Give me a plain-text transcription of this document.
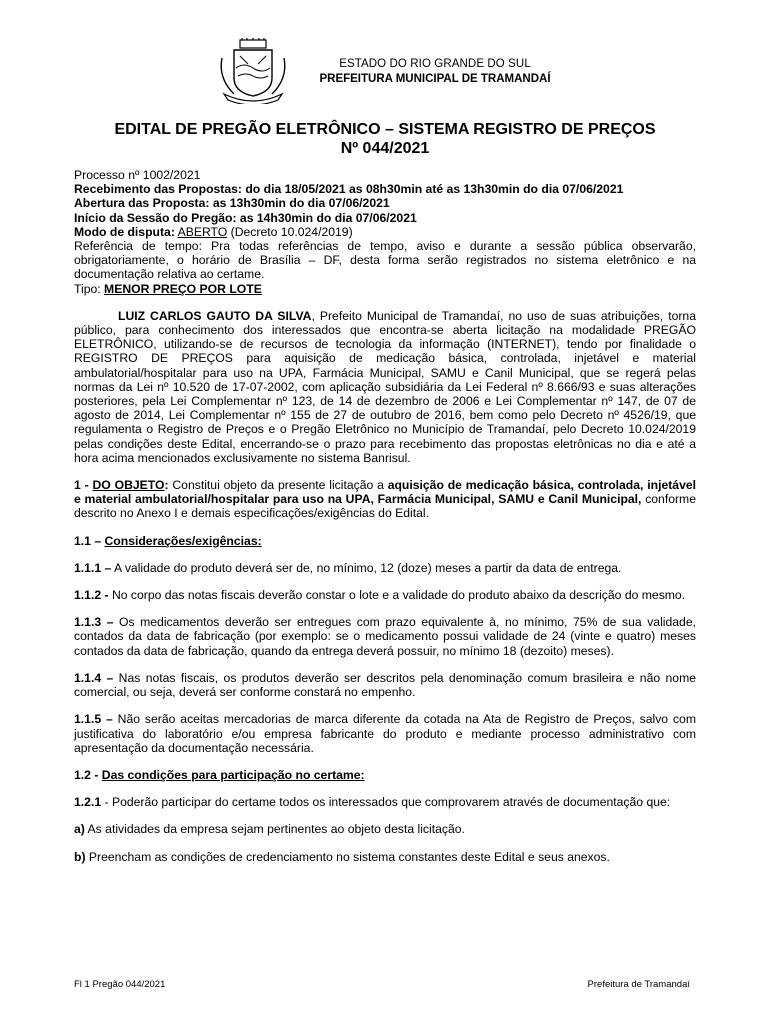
ESTADO DO RIO GRANDE DO SUL
PREFEITURA MUNICIPAL DE TRAMANDAÍ
EDITAL DE PREGÃO ELETRÔNICO – SISTEMA REGISTRO DE PREÇOS
Nº 044/2021

Processo nº 1002/2021

Recebimento das Propostas: do dia 18/05/2021 as 08h30min até as 13h30min do dia 07/06/2021

Abertura das Proposta: as 13h30min do dia 07/06/2021

Início da Sessão do Pregão: as 14h30min do dia 07/06/2021

Modo de disputa: ABERTO (Decreto 10.024/2019)

Referência de tempo: Pra todas referências de tempo, aviso e durante a sessão pública observarão, obrigatoriamente, o horário de Brasília – DF, desta forma serão registrados no sistema eletrônico e na documentação relativa ao certame.

Tipo: MENOR PREÇO POR LOTE

LUIZ CARLOS GAUTO DA SILVA, Prefeito Municipal de Tramandaí, no uso de suas atribuições, torna público, para conhecimento dos interessados que encontra-se aberta licitação na modalidade PREGÃO ELETRÔNICO, utilizando-se de recursos de tecnologia da informação (INTERNET), tendo por finalidade o REGISTRO DE PREÇOS para aquisição de medicação básica, controlada, injetável e material ambulatorial/hospitalar para uso na UPA, Farmácia Municipal, SAMU e Canil Municipal, que se regerá pelas normas da Lei nº 10.520 de 17-07-2002, com aplicação subsidiária da Lei Federal nº 8.666/93 e suas alterações posteriores, pela Lei Complementar nº 123, de 14 de dezembro de 2006 e Lei Complementar nº 147, de 07 de agosto de 2014, Lei Complementar nº 155 de 27 de outubro de 2016, bem como pelo Decreto nº 4526/19, que regulamenta o Registro de Preços e o Pregão Eletrônico no Município de Tramandaí, pelo Decreto 10.024/2019 pelas condições deste Edital, encerrando-se o prazo para recebimento das propostas eletrônicas no dia e até a hora acima mencionados exclusivamente no sistema Banrisul.

1 - DO OBJETO: Constitui objeto da presente licitação a aquisição de medicação básica, controlada, injetável e material ambulatorial/hospitalar para uso na UPA, Farmácia Municipal, SAMU e Canil Municipal, conforme descrito no Anexo I e demais especificações/exigências do Edital.

1.1 – Considerações/exigências:

1.1.1 – A validade do produto deverá ser de, no mínimo, 12 (doze) meses a partir da data de entrega.

1.1.2 - No corpo das notas fiscais deverão constar o lote e a validade do produto abaixo da descrição do mesmo.

1.1.3 – Os medicamentos deverão ser entregues com prazo equivalente à, no mínimo, 75% de sua validade, contados da data de fabricação (por exemplo: se o medicamento possui validade de 24 (vinte e quatro) meses contados da data de fabricação, quando da entrega deverá possuir, no mínimo 18 (dezoito) meses).

1.1.4 – Nas notas fiscais, os produtos deverão ser descritos pela denominação comum brasileira e não nome comercial, ou seja, deverá ser conforme constará no empenho.

1.1.5 – Não serão aceitas mercadorias de marca diferente da cotada na Ata de Registro de Preços, salvo com justificativa do laboratório e/ou empresa fabricante do produto e mediante processo administrativo com apresentação da documentação necessária.

1.2 - Das condições para participação no certame:

1.2.1 - Poderão participar do certame todos os interessados que comprovarem através de documentação que:

a) As atividades da empresa sejam pertinentes ao objeto desta licitação.

b) Preencham as condições de credenciamento no sistema constantes deste Edital e seus anexos.

Fl 1 Pregão 044/2021	Prefeitura de Tramandaí
